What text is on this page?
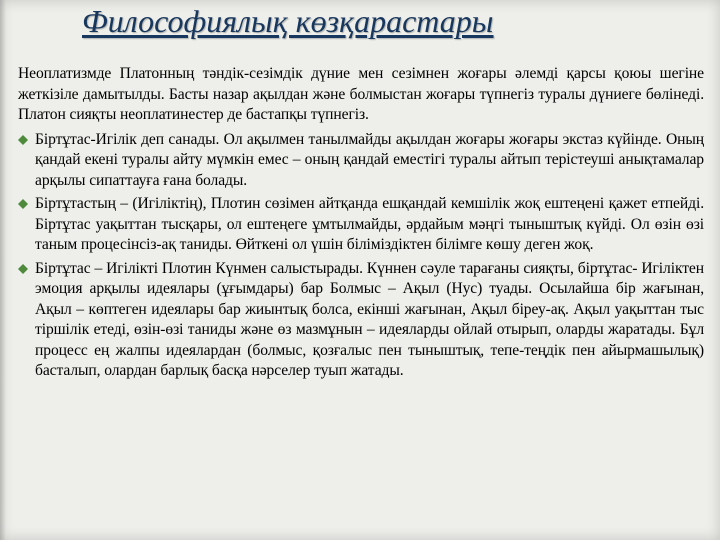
Философиялық көзқарастары

Неоплатизмде Платонның тәндік-сезімдік дүние мен сезімнен жоғары әлемді қарсы қоюы шегіне жеткізіле дамытылды. Басты назар ақылдан және болмыстан жоғары түпнегіз туралы дүниеге бөлінеді. Платон сияқты неоплатинестер де бастапқы түпнегіз.

Біртұтас-Игілік деп санады. Ол ақылмен танылмайды ақылдан жоғары жоғары экстаз күйінде. Оның қандай екені туралы айту мүмкін емес – оның қандай еместігі туралы айтып терістеуші анықтамалар арқылы сипаттауға ғана болады.
Біртұтастың – (Игіліктің), Плотин сөзімен айтқанда ешқандай кемшілік жоқ ештеңені қажет етпейді. Біртұтас уақыттан тысқары, ол ештеңеге ұмтылмайды, әрдайым мәңгі тыныштық күйді. Ол өзін өзі таным процесінсіз-ақ таниды. Өйткені ол үшін біліміздіктен білімге көшу деген жоқ.
Біртұтас – Игілікті Плотин Күнмен салыстырады. Күннен сәуле тарағаны сияқты, біртұтас- Игіліктен эмоция арқылы идеялары (ұғымдары) бар Болмыс – Ақыл (Нус) туады. Осылайша бір жағынан, Ақыл – көптеген идеялары бар жиынтық болса, екінші жағынан, Ақыл біреу-ақ. Ақыл уақыттан тыс тіршілік етеді, өзін-өзі таниды және өз мазмұнын – идеяларды ойлай отырып, оларды жаратады. Бұл процесс ең жалпы идеялардан (болмыс, қозғалыс пен тыныштық, тепе-теңдік пен айырмашылық) басталып, олардан барлық басқа нәрселер туып жатады.
